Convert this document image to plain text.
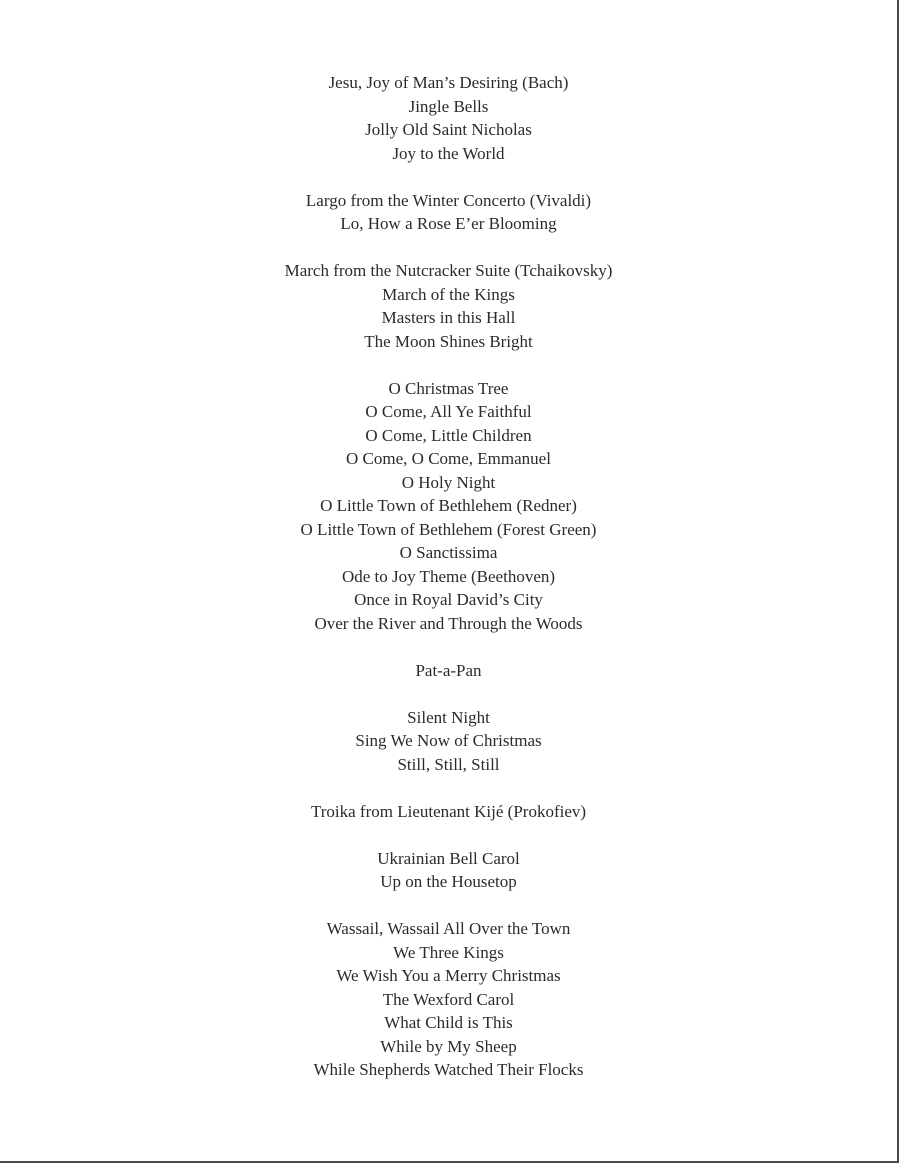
Jesu, Joy of Man’s Desiring (Bach)
Jingle Bells
Jolly Old Saint Nicholas
Joy to the World
Largo from the Winter Concerto (Vivaldi)
Lo, How a Rose E’er Blooming
March from the Nutcracker Suite (Tchaikovsky)
March of the Kings
Masters in this Hall
The Moon Shines Bright
O Christmas Tree
O Come, All Ye Faithful
O Come, Little Children
O Come, O Come, Emmanuel
O Holy Night
O Little Town of Bethlehem (Redner)
O Little Town of Bethlehem (Forest Green)
O Sanctissima
Ode to Joy Theme (Beethoven)
Once in Royal David’s City
Over the River and Through the Woods
Pat-a-Pan
Silent Night
Sing We Now of Christmas
Still, Still, Still
Troika from Lieutenant Kijé (Prokofiev)
Ukrainian Bell Carol
Up on the Housetop
Wassail, Wassail All Over the Town
We Three Kings
We Wish You a Merry Christmas
The Wexford Carol
What Child is This
While by My Sheep
While Shepherds Watched Their Flocks
